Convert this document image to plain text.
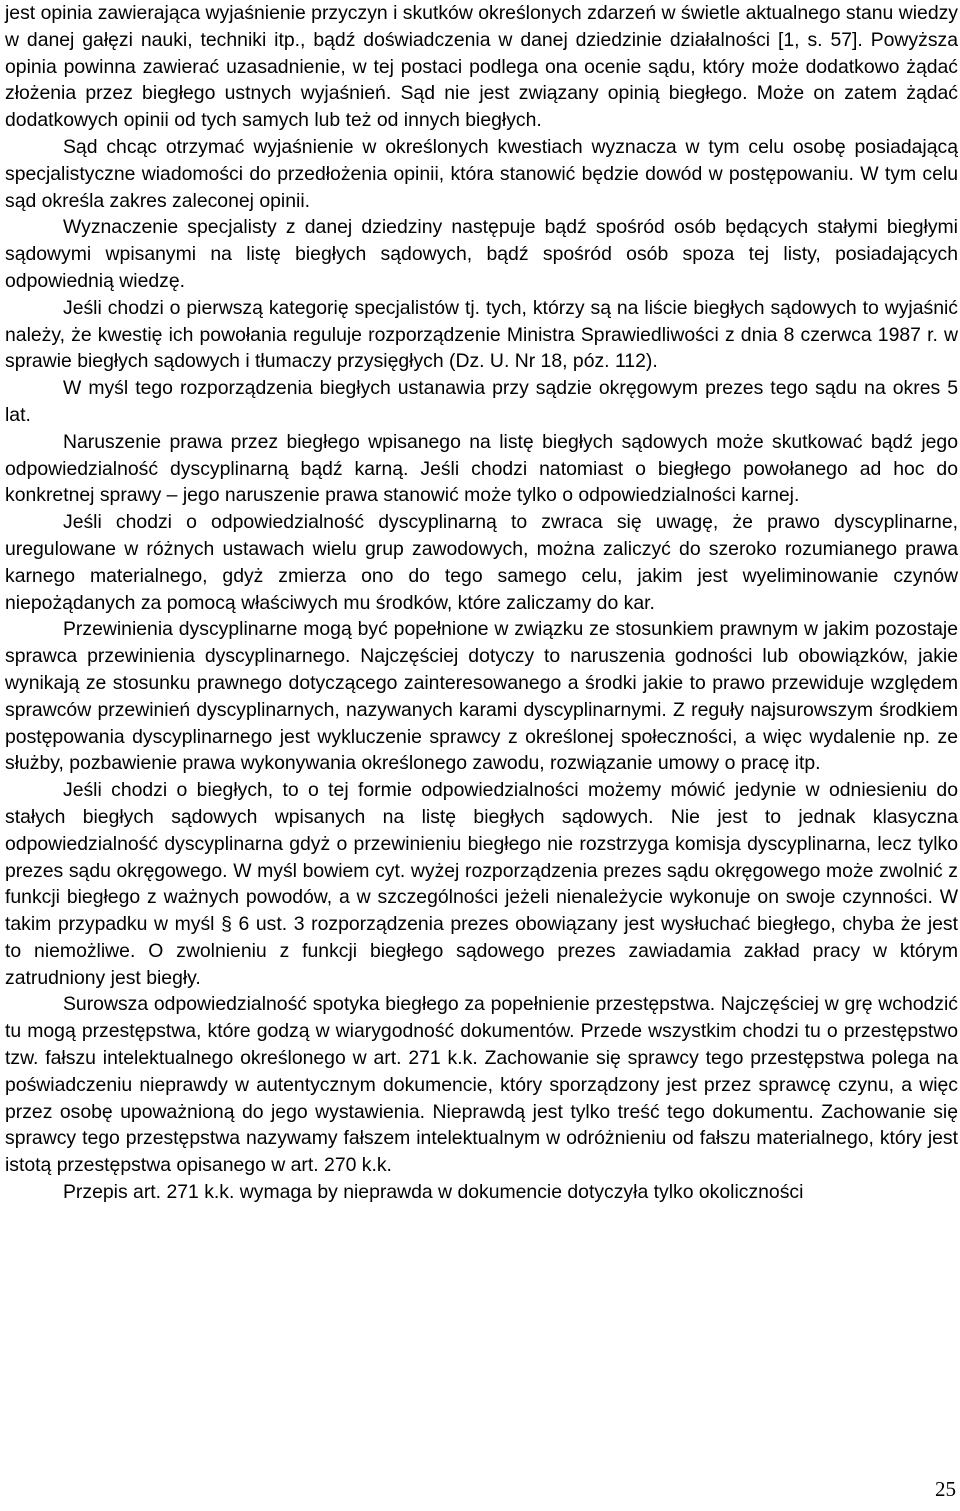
jest opinia zawierająca wyjaśnienie przyczyn i skutków określonych zdarzeń w świetle aktualnego stanu wiedzy w danej gałęzi nauki, techniki itp., bądź doświadczenia w danej dziedzinie działalności [1, s. 57]. Powyższa opinia powinna zawierać uzasadnienie, w tej postaci podlega ona ocenie sądu, który może dodatkowo żądać złożenia przez biegłego ustnych wyjaśnień. Sąd nie jest związany opinią biegłego. Może on zatem żądać dodatkowych opinii od tych samych lub też od innych biegłych.

Sąd chcąc otrzymać wyjaśnienie w określonych kwestiach wyznacza w tym celu osobę posiadającą specjalistyczne wiadomości do przedłożenia opinii, która stanowić będzie dowód w postępowaniu. W tym celu sąd określa zakres zaleconej opinii.

Wyznaczenie specjalisty z danej dziedziny następuje bądź spośród osób będących stałymi biegłymi sądowymi wpisanymi na listę biegłych sądowych, bądź spośród osób spoza tej listy, posiadających odpowiednią wiedzę.

Jeśli chodzi o pierwszą kategorię specjalistów tj. tych, którzy są na liście biegłych sądowych to wyjaśnić należy, że kwestię ich powołania reguluje rozporządzenie Ministra Sprawiedliwości z dnia 8 czerwca 1987 r. w sprawie biegłych sądowych i tłumaczy przysięgłych (Dz. U. Nr 18, póz. 112).

W myśl tego rozporządzenia biegłych ustanawia przy sądzie okręgowym prezes tego sądu na okres 5 lat.

Naruszenie prawa przez biegłego wpisanego na listę biegłych sądowych może skutkować bądź jego odpowiedzialność dyscyplinarną bądź karną. Jeśli chodzi natomiast o biegłego powołanego ad hoc do konkretnej sprawy – jego naruszenie prawa stanowić może tylko o odpowiedzialności karnej.

Jeśli chodzi o odpowiedzialność dyscyplinarną to zwraca się uwagę, że prawo dyscyplinarne, uregulowane w różnych ustawach wielu grup zawodowych, można zaliczyć do szeroko rozumianego prawa karnego materialnego, gdyż zmierza ono do tego samego celu, jakim jest wyeliminowanie czynów niepożądanych za pomocą właściwych mu środków, które zaliczamy do kar.

Przewinienia dyscyplinarne mogą być popełnione w związku ze stosunkiem prawnym w jakim pozostaje sprawca przewinienia dyscyplinarnego. Najczęściej dotyczy to naruszenia godności lub obowiązków, jakie wynikają ze stosunku prawnego dotyczącego zainteresowanego a środki jakie to prawo przewiduje względem sprawców przewinień dyscyplinarnych, nazywanych karami dyscyplinarnymi. Z reguły najsurowszym środkiem postępowania dyscyplinarnego jest wykluczenie sprawcy z określonej społeczności, a więc wydalenie np. ze służby, pozbawienie prawa wykonywania określonego zawodu, rozwiązanie umowy o pracę itp.

Jeśli chodzi o biegłych, to o tej formie odpowiedzialności możemy mówić jedynie w odniesieniu do stałych biegłych sądowych wpisanych na listę biegłych sądowych. Nie jest to jednak klasyczna odpowiedzialność dyscyplinarna gdyż o przewinieniu biegłego nie rozstrzyga komisja dyscyplinarna, lecz tylko prezes sądu okręgowego. W myśl bowiem cyt. wyżej rozporządzenia prezes sądu okręgowego może zwolnić z funkcji biegłego z ważnych powodów, a w szczególności jeżeli nienależycie wykonuje on swoje czynności. W takim przypadku w myśl § 6 ust. 3 rozporządzenia prezes obowiązany jest wysłuchać biegłego, chyba że jest to niemożliwe. O zwolnieniu z funkcji biegłego sądowego prezes zawiadamia zakład pracy w którym zatrudniony jest biegły.

Surowsza odpowiedzialność spotyka biegłego za popełnienie przestępstwa. Najczęściej w grę wchodzić tu mogą przestępstwa, które godzą w wiarygodność dokumentów. Przede wszystkim chodzi tu o przestępstwo tzw. fałszu intelektualnego określonego w art. 271 k.k. Zachowanie się sprawcy tego przestępstwa polega na poświadczeniu nieprawdy w autentycznym dokumencie, który sporządzony jest przez sprawcę czynu, a więc przez osobę upoważnioną do jego wystawienia. Nieprawdą jest tylko treść tego dokumentu. Zachowanie się sprawcy tego przestępstwa nazywamy fałszem intelektualnym w odróżnieniu od fałszu materialnego, który jest istotą przestępstwa opisanego w art. 270 k.k.

Przepis art. 271 k.k. wymaga by nieprawda w dokumencie dotyczyła tylko okoliczności

25
